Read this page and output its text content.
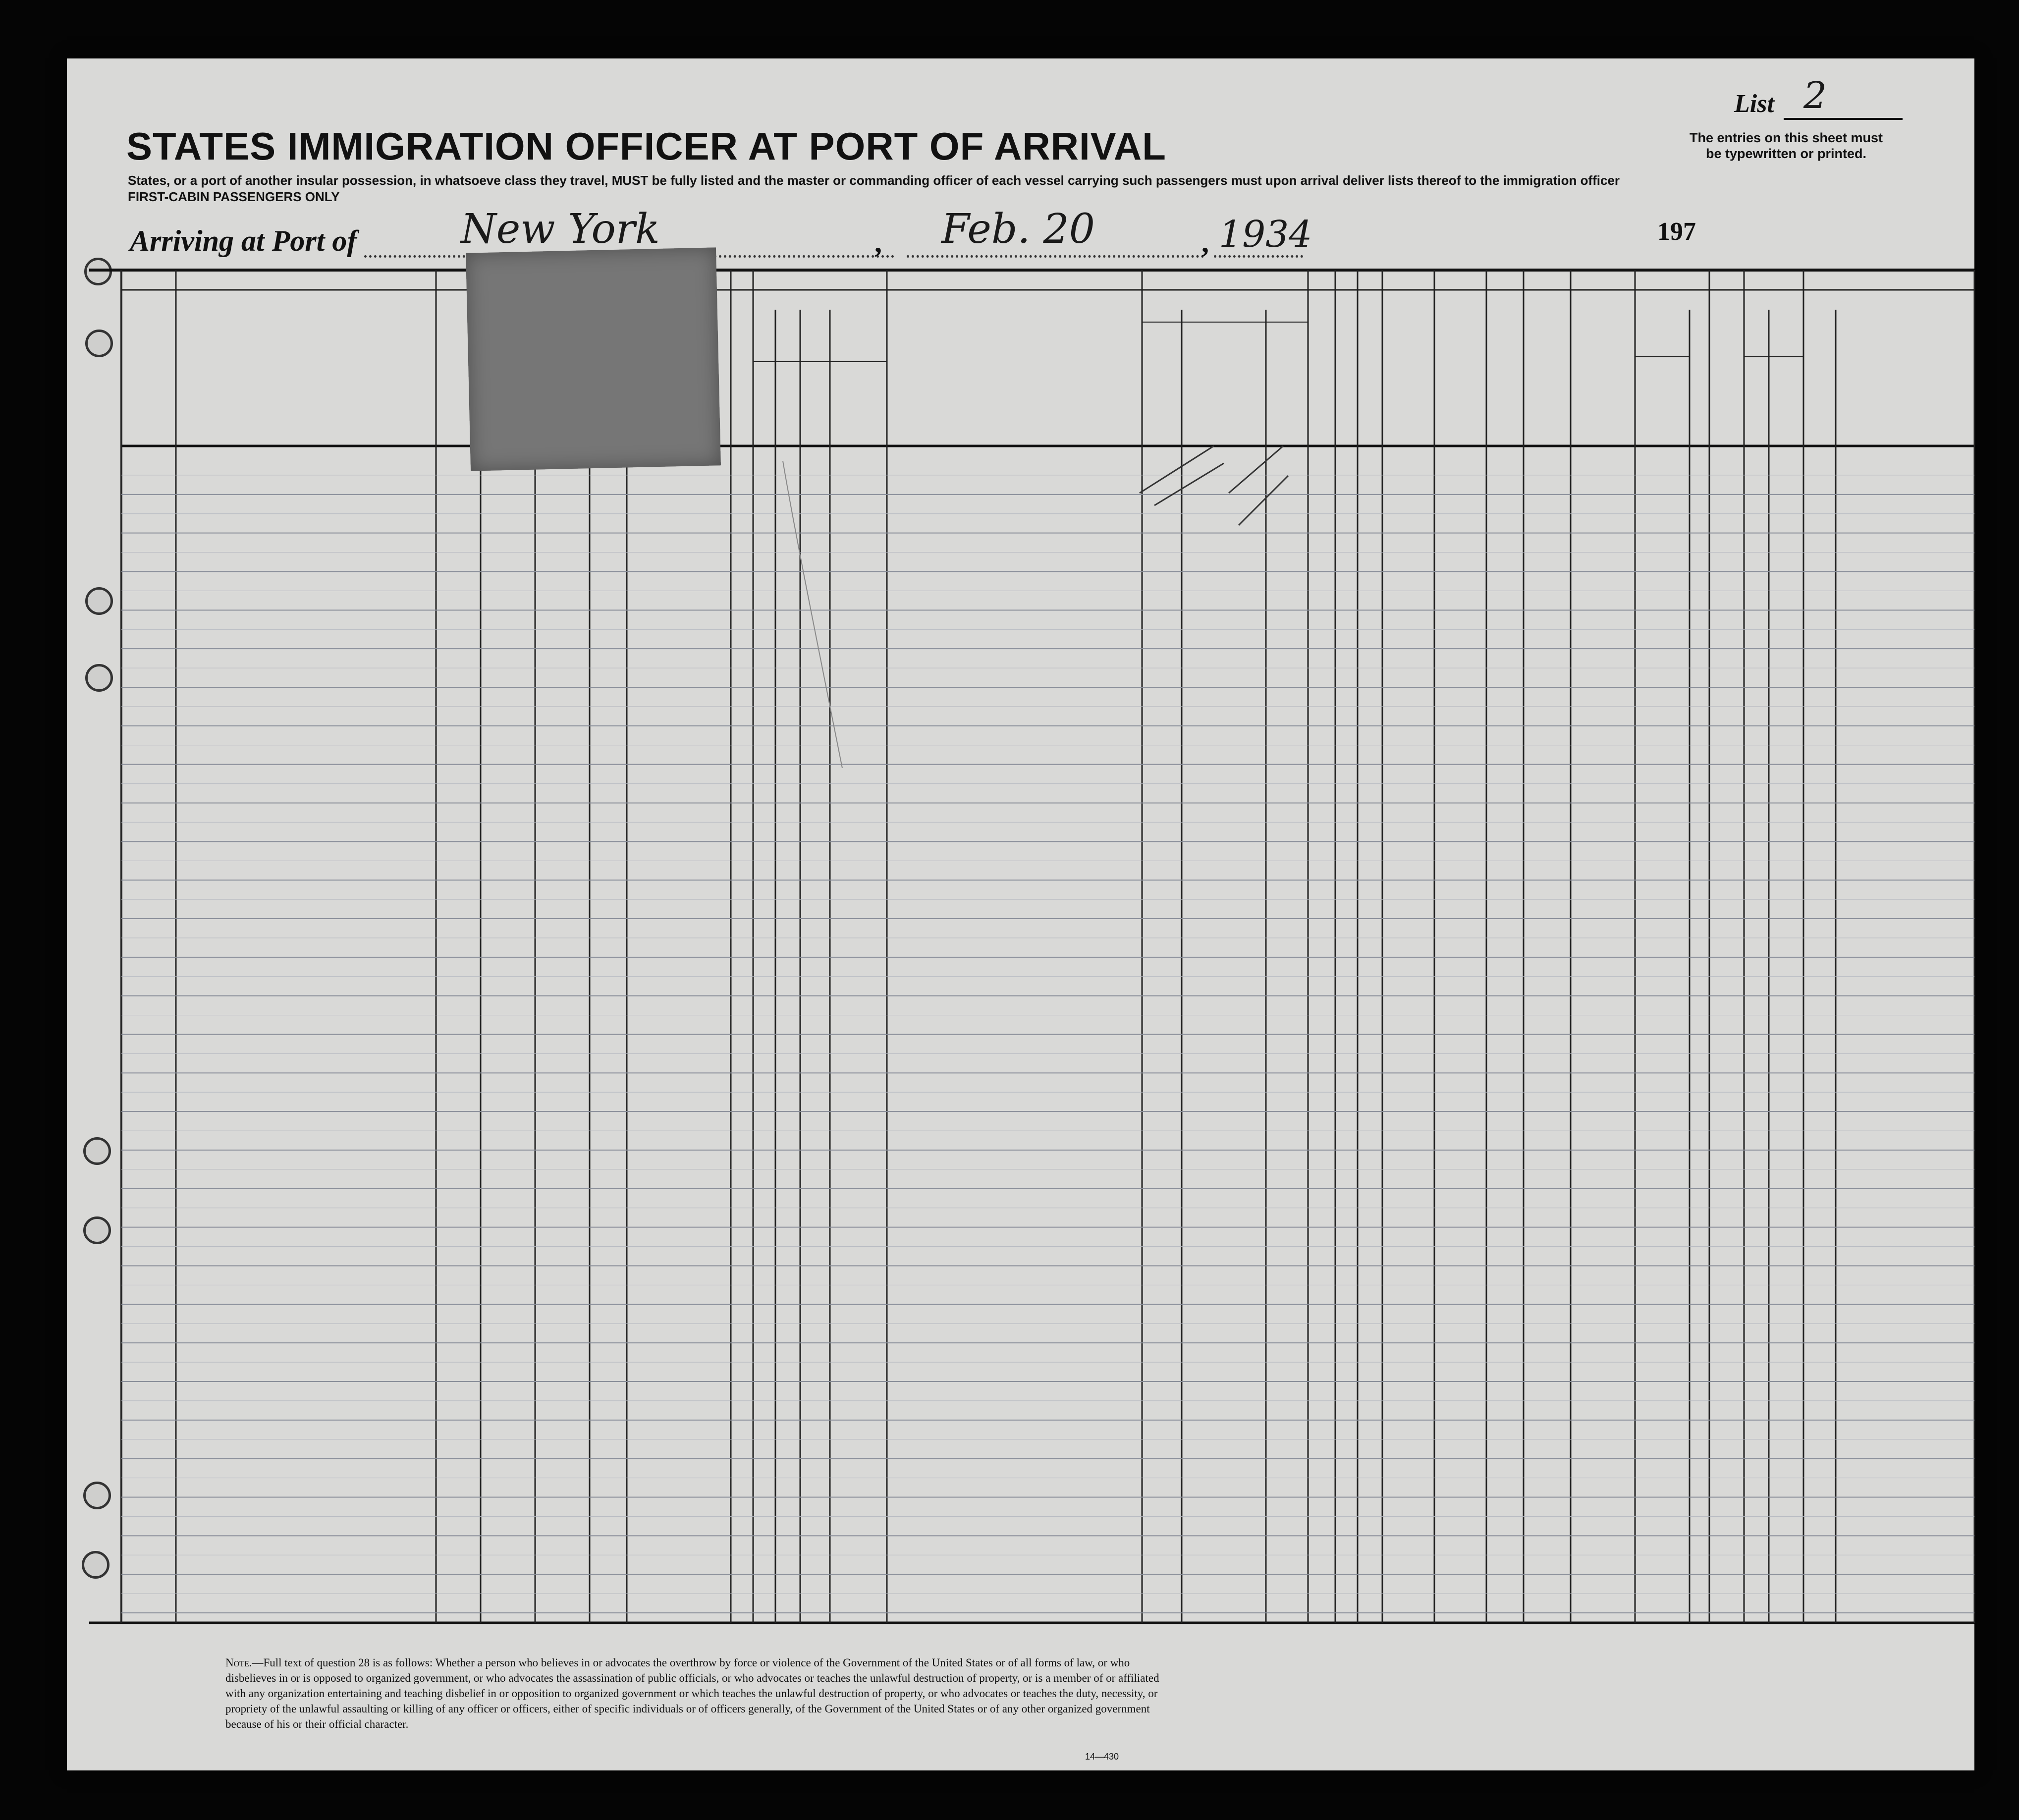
STATES IMMIGRATION OFFICER AT PORT OF ARRIVAL
States, or a port of another insular possession, in whatsoeve class they travel, MUST be fully listed and the master or commanding officer of each vessel carrying such passengers must upon arrival deliver lists thereof to the immigration officer
FIRST-CABIN PASSENGERS ONLY
List 2
The entries on this sheet must be typewritten or printed.
Arriving at Port of	New York	, Feb. 20	, 1934	197
Note.—Full text of question 28 is as follows: Whether a person who believes in or advocates the overthrow by force or violence of the Government of the United States or of all forms of law, or who disbelieves in or is opposed to organized government, or who advocates the assassination of public officials, or who advocates or teaches the unlawful destruction of property, or is a member of or affiliated with any organization entertaining and teaching disbelief in or opposition to organized government or which teaches the unlawful destruction of property, or who advocates or teaches the duty, necessity, or propriety of the unlawful assaulting or killing of any officer or officers, either of specific individuals or of officers generally, of the Government of the United States or of any other organized government because of his or their official character.
14—430
